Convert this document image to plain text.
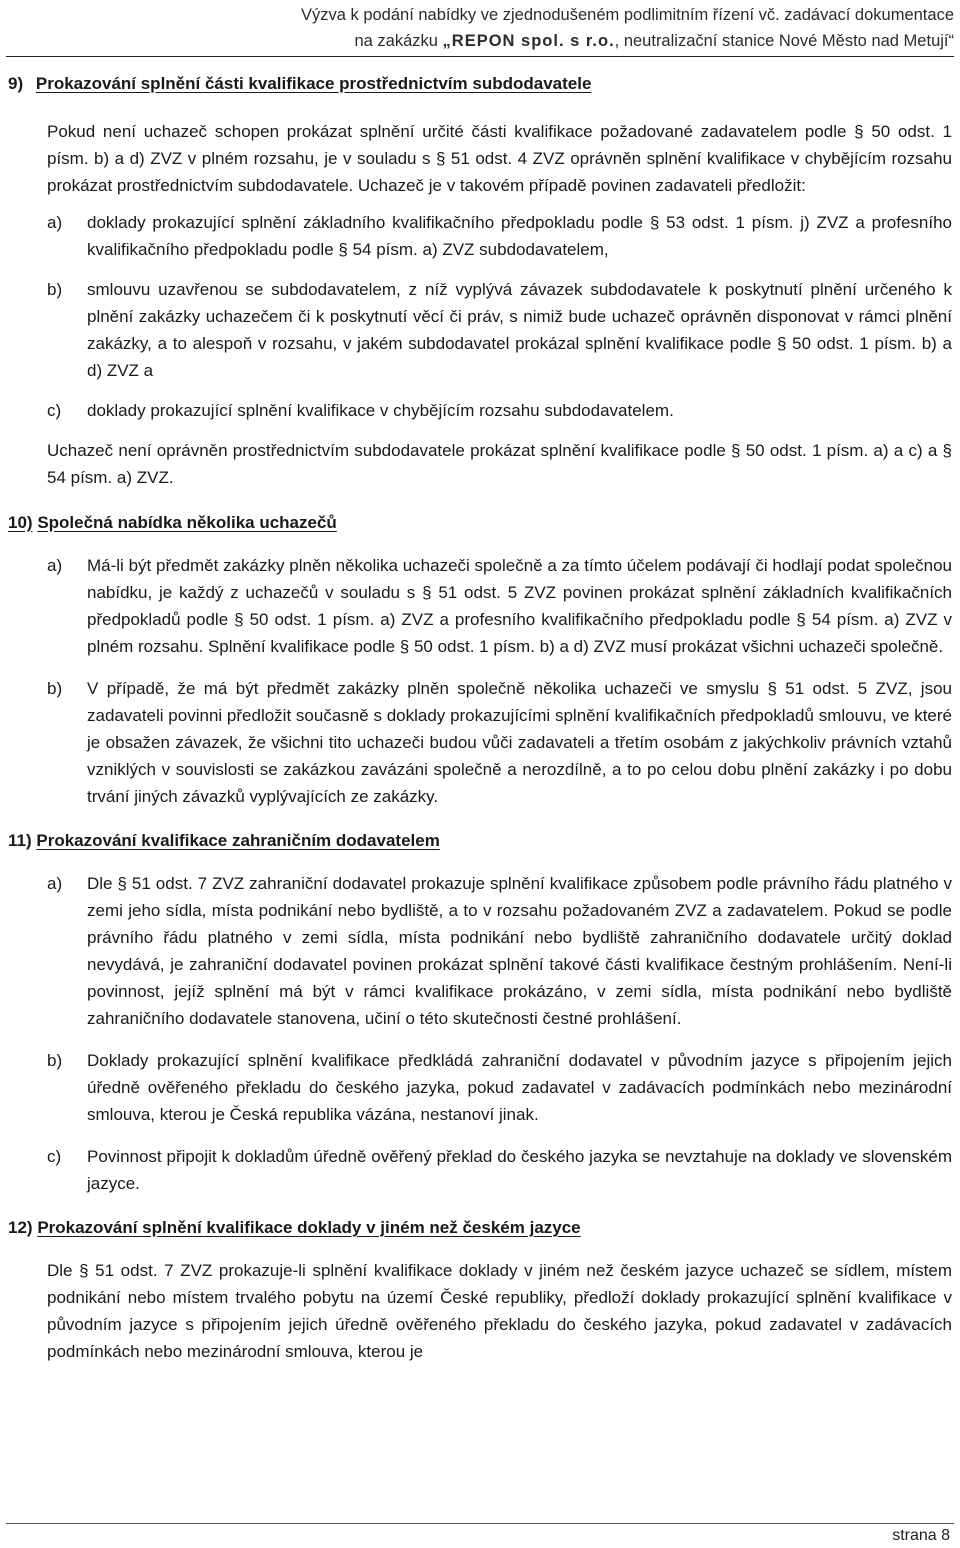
Výzva k podání nabídky ve zjednodušeném podlimitním řízení vč. zadávací dokumentace
na zakázku „REPON spol. s r.o., neutralizační stanice Nové Město nad Metují“
9) Prokazování splnění části kvalifikace prostřednictvím subdodavatele

Pokud není uchazeč schopen prokázat splnění určité části kvalifikace požadované zadavatelem podle § 50 odst. 1 písm. b) a d) ZVZ v plném rozsahu, je v souladu s § 51 odst. 4 ZVZ oprávněn splnění kvalifikace v chybějícím rozsahu prokázat prostřednictvím subdodavatele. Uchazeč je v takovém případě povinen zadavateli předložit:

a) doklady prokazující splnění základního kvalifikačního předpokladu podle § 53 odst. 1 písm. j) ZVZ a profesního kvalifikačního předpokladu podle § 54 písm. a) ZVZ subdodavatelem,
b) smlouvu uzavřenou se subdodavatelem, z níž vyplývá závazek subdodavatele k poskytnutí plnění určeného k plnění zakázky uchazečem či k poskytnutí věcí či práv, s nimiž bude uchazeč oprávněn disponovat v rámci plnění zakázky, a to alespoň v rozsahu, v jakém subdodavatel prokázal splnění kvalifikace podle § 50 odst. 1 písm. b) a d) ZVZ a
c) doklady prokazující splnění kvalifikace v chybějícím rozsahu subdodavatelem.

Uchazeč není oprávněn prostřednictvím subdodavatele prokázat splnění kvalifikace podle § 50 odst. 1 písm. a) a c) a § 54 písm. a) ZVZ.

10) Společná nabídka několika uchazečů
a) Má-li být předmět zakázky plněn několika uchazeči společně a za tímto účelem podávají či hodlají podat společnou nabídku, je každý z uchazečů v souladu s § 51 odst. 5 ZVZ povinen prokázat splnění základních kvalifikačních předpokladů podle § 50 odst. 1 písm. a) ZVZ a profesního kvalifikačního předpokladu podle § 54 písm. a) ZVZ v plném rozsahu. Splnění kvalifikace podle § 50 odst. 1 písm. b) a d) ZVZ musí prokázat všichni uchazeči společně.
b) V případě, že má být předmět zakázky plněn společně několika uchazeči ve smyslu § 51 odst. 5 ZVZ, jsou zadavateli povinni předložit současně s doklady prokazujícími splnění kvalifikačních předpokladů smlouvu, ve které je obsažen závazek, že všichni tito uchazeči budou vůči zadavateli a třetím osobám z jakýchkoliv právních vztahů vzniklých v souvislosti se zakázkou zavázáni společně a nerozdílně, a to po celou dobu plnění zakázky i po dobu trvání jiných závazků vyplývajících ze zakázky.
11) Prokazování kvalifikace zahraničním dodavatelem
a) Dle § 51 odst. 7 ZVZ zahraniční dodavatel prokazuje splnění kvalifikace způsobem podle právního řádu platného v zemi jeho sídla, místa podnikání nebo bydliště, a to v rozsahu požadovaném ZVZ a zadavatelem. Pokud se podle právního řádu platného v zemi sídla, místa podnikání nebo bydliště zahraničního dodavatele určitý doklad nevydává, je zahraniční dodavatel povinen prokázat splnění takové části kvalifikace čestným prohlášením. Není-li povinnost, jejíž splnění má být v rámci kvalifikace prokázáno, v zemi sídla, místa podnikání nebo bydliště zahraničního dodavatele stanovena, učiní o této skutečnosti čestné prohlášení.
b) Doklady prokazující splnění kvalifikace předkládá zahraniční dodavatel v původním jazyce s připojením jejich úředně ověřeného překladu do českého jazyka, pokud zadavatel v zadávacích podmínkách nebo mezinárodní smlouva, kterou je Česká republika vázána, nestanoví jinak.
c) Povinnost připojit k dokladům úředně ověřený překlad do českého jazyka se nevztahuje na doklady ve slovenském jazyce.
12) Prokazování splnění kvalifikace doklady v jiném než českém jazyce

Dle § 51 odst. 7 ZVZ prokazuje-li splnění kvalifikace doklady v jiném než českém jazyce uchazeč se sídlem, místem podnikání nebo místem trvalého pobytu na území České republiky, předloží doklady prokazující splnění kvalifikace v původním jazyce s připojením jejich úředně ověřeného překladu do českého jazyka, pokud zadavatel v zadávacích podmínkách nebo mezinárodní smlouva, kterou je

strana 8
